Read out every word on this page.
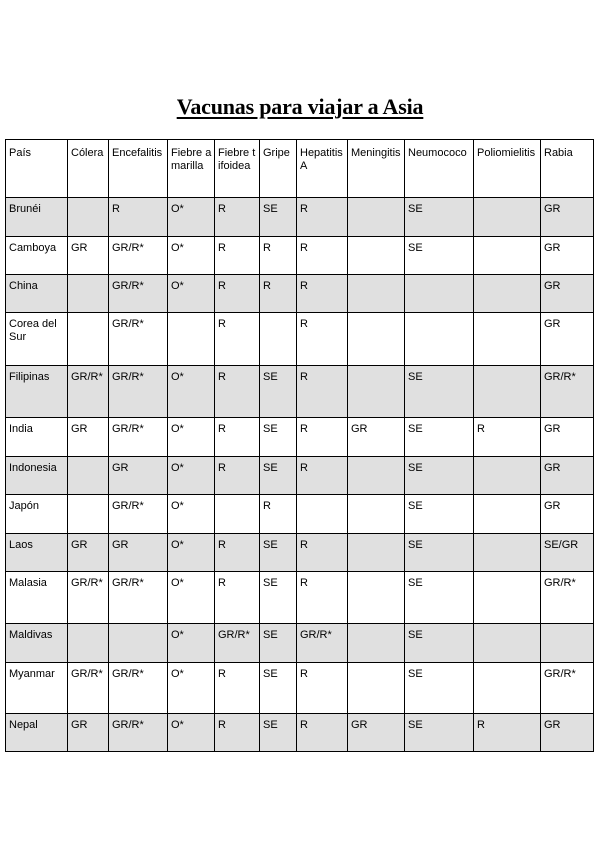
Vacunas para viajar a Asia
País	Cólera	Encefalitis	Fiebre amarilla	Fiebre tifoidea	Gripe	Hepatitis A	Meningitis	Neumococo	Poliomielitis	Rabia
Brunéi		R	O*	R	SE	R		SE		GR
Camboya	GR	GR/R*	O*	R	R	R		SE		GR
China		GR/R*	O*	R	R	R				GR
Corea del Sur		GR/R*		R		R				GR
Filipinas	GR/R*	GR/R*	O*	R	SE	R		SE		GR/R*
India	GR	GR/R*	O*	R	SE	R	GR	SE	R	GR
Indonesia		GR	O*	R	SE	R		SE		GR
Japón		GR/R*	O*		R			SE		GR
Laos	GR	GR	O*	R	SE	R		SE		SE/GR
Malasia	GR/R*	GR/R*	O*	R	SE	R		SE		GR/R*
Maldivas			O*	GR/R*	SE	GR/R*		SE		
Myanmar	GR/R*	GR/R*	O*	R	SE	R		SE		GR/R*
Nepal	GR	GR/R*	O*	R	SE	R	GR	SE	R	GR
